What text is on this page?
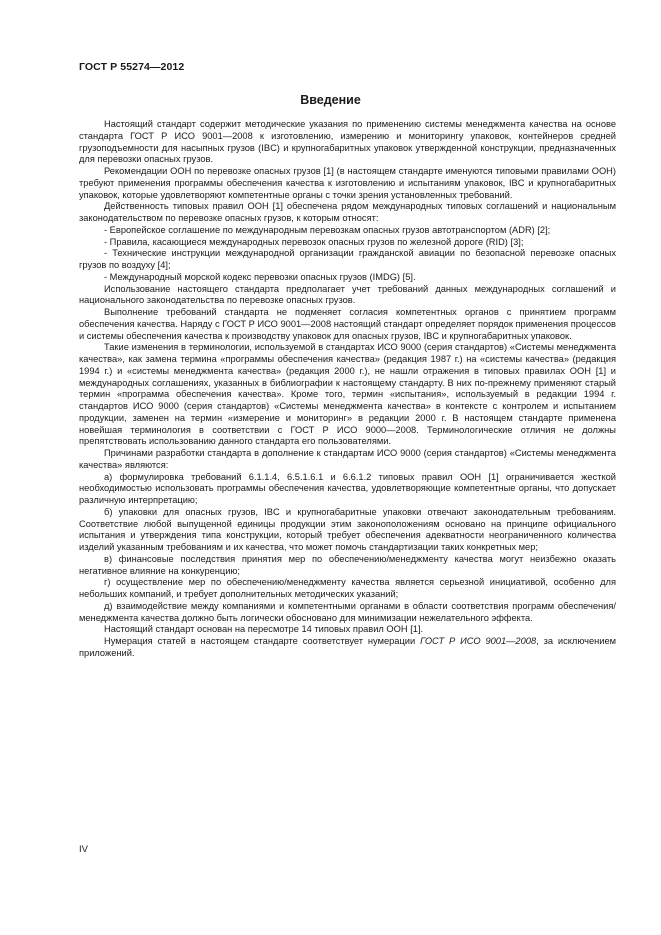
ГОСТ Р 55274—2012
Введение

Настоящий стандарт содержит методические указания по применению системы менеджмента качества на основе стандарта ГОСТ Р ИСО 9001—2008 к изготовлению, измерению и мониторингу упаковок, контейнеров средней грузоподъемности для насыпных грузов (IBC) и крупногабаритных упаковок утвержденной конструкции, предназначенных для перевозки опасных грузов.

Рекомендации ООН по перевозке опасных грузов [1] (в настоящем стандарте именуются типовыми правилами ООН) требуют применения программы обеспечения качества к изготовлению и испытаниям упаковок, IBC и крупногабаритных упаковок, которые удовлетворяют компетентные органы с точки зрения установленных требований.

Действенность типовых правил ООН [1] обеспечена рядом международных типовых соглашений и национальным законодательством по перевозке опасных грузов, к которым относят:

- Европейское соглашение по международным перевозкам опасных грузов автотранспортом (ADR) [2];

- Правила, касающиеся международных перевозок опасных грузов по железной дороге (RID) [3];

- Технические инструкции международной организации гражданской авиации по безопасной перевозке опасных грузов по воздуху [4];

- Международный морской кодекс перевозки опасных грузов (IMDG) [5].

Использование настоящего стандарта предполагает учет требований данных международных соглашений и национального законодательства по перевозке опасных грузов.

Выполнение требований стандарта не подменяет согласия компетентных органов с принятием программ обеспечения качества. Наряду с ГОСТ Р ИСО 9001—2008 настоящий стандарт определяет порядок применения процессов и системы обеспечения качества к производству упаковок для опасных грузов, IBC и крупногабаритных упаковок.

Такие изменения в терминологии, используемой в стандартах ИСО 9000 (серия стандартов) «Системы менеджмента качества», как замена термина «программы обеспечения качества» (редакция 1987 г.) на «системы качества» (редакция 1994 г.) и «системы менеджмента качества» (редакция 2000 г.), не нашли отражения в типовых правилах ООН [1] и международных соглашениях, указанных в библиографии к настоящему стандарту. В них по-прежнему применяют старый термин «программа обеспечения качества». Кроме того, термин «испытания», используемый в редакции 1994 г. стандартов ИСО 9000 (серия стандартов) «Системы менеджмента качества» в контексте с контролем и испытанием продукции, заменен на термин «измерение и мониторинг» в редакции 2000 г. В настоящем стандарте применена новейшая терминология в соответствии с ГОСТ Р ИСО 9000—2008. Терминологические отличия не должны препятствовать использованию данного стандарта его пользователями.

Причинами разработки стандарта в дополнение к стандартам ИСО 9000 (серия стандартов) «Системы менеджмента качества» являются:

а) формулировка требований 6.1.1.4, 6.5.1.6.1 и 6.6.1.2 типовых правил ООН [1] ограничивается жесткой необходимостью использовать программы обеспечения качества, удовлетворяющие компетентные органы, что допускает различную интерпретацию;

б) упаковки для опасных грузов, IBC и крупногабаритные упаковки отвечают законодательным требованиям. Соответствие любой выпущенной единицы продукции этим законоположениям основано на принципе официального испытания и утверждения типа конструкции, который требует обеспечения адекватности неограниченного количества изделий указанным требованиям и их качества, что может помочь стандартизации таких конкретных мер;

в) финансовые последствия принятия мер по обеспечению/менеджменту качества могут неизбежно оказать негативное влияние на конкуренцию;

г) осуществление мер по обеспечению/менеджменту качества является серьезной инициативой, особенно для небольших компаний, и требует дополнительных методических указаний;

д) взаимодействие между компаниями и компетентными органами в области соответствия программ обеспечения/менеджмента качества должно быть логически обосновано для минимизации нежелательного эффекта.

Настоящий стандарт основан на пересмотре 14 типовых правил ООН [1].

Нумерация статей в настоящем стандарте соответствует нумерации ГОСТ Р ИСО 9001—2008, за исключением приложений.

IV
